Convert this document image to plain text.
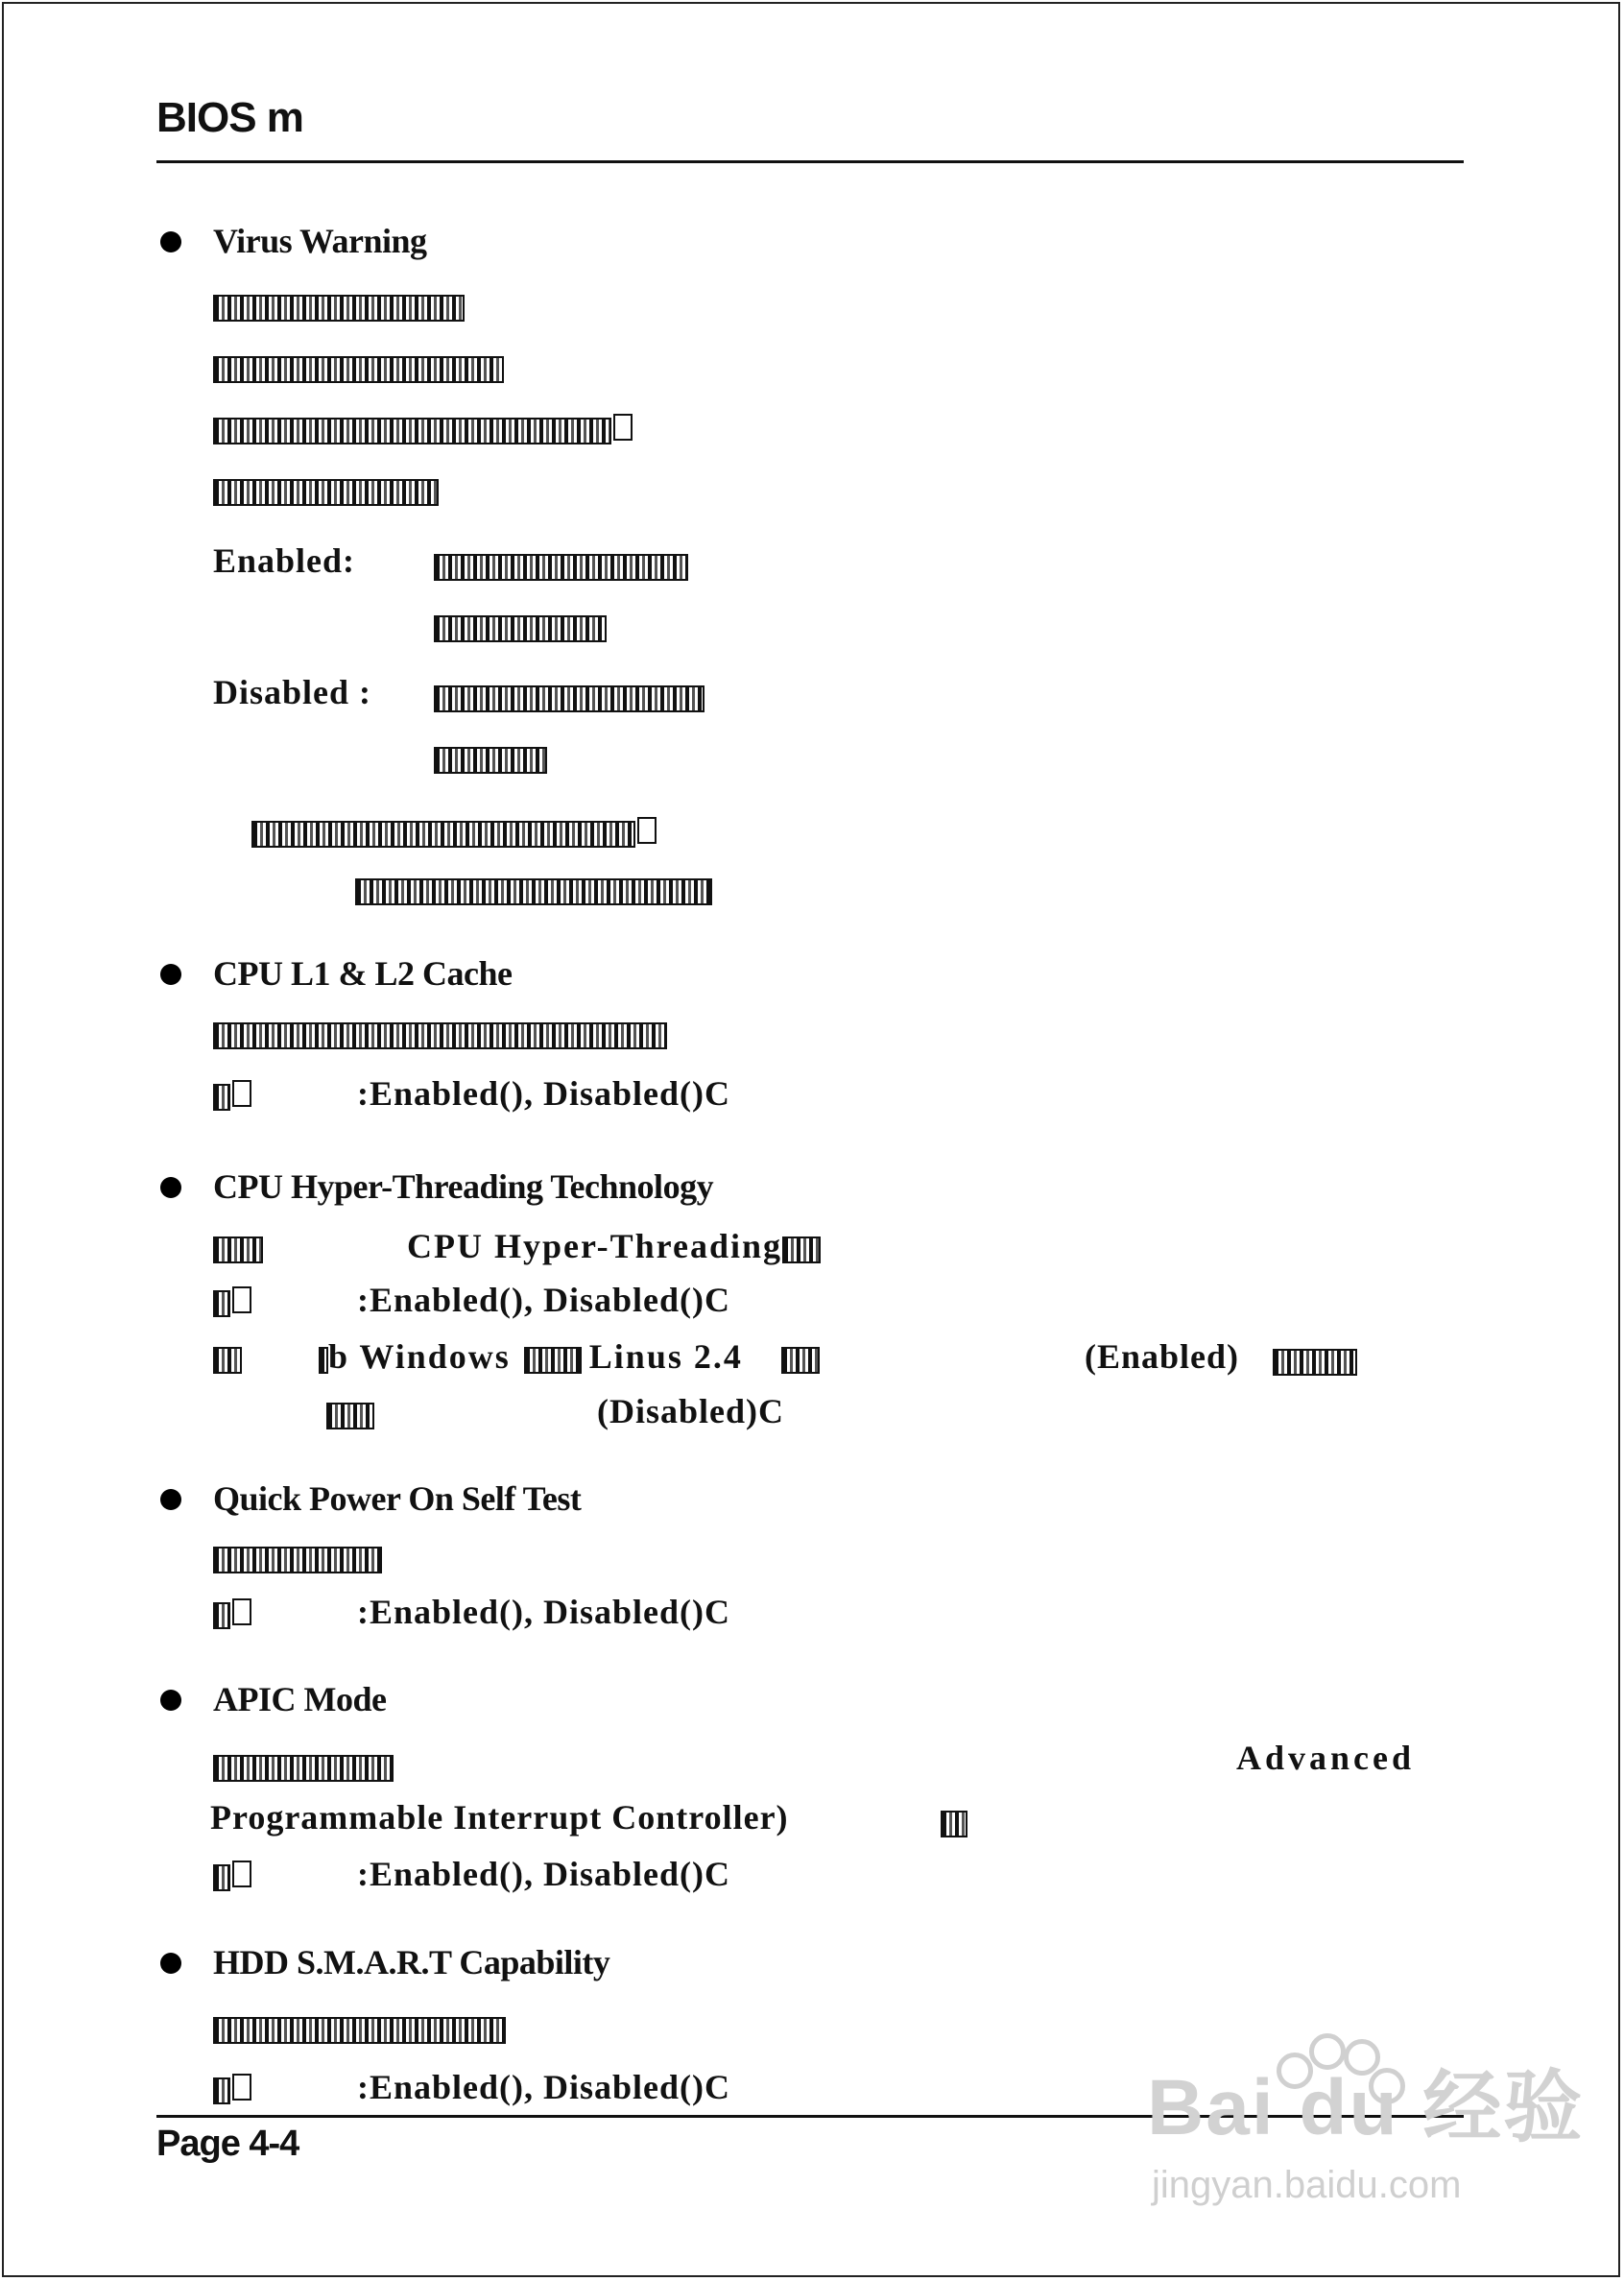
BIOS m
Virus Warning
Enabled:
Disabled :
CPU L1 & L2 Cache
:Enabled(), Disabled()C
CPU Hyper-Threading Technology
CPU Hyper-Threading
:Enabled(), Disabled()C
b Windows Linus 2.4	(Enabled)
(Disabled)C
Quick Power On Self Test
:Enabled(), Disabled()C
APIC Mode
Advanced
Programmable Interrupt Controller)
:Enabled(), Disabled()C
HDD S.M.A.R.T Capability
:Enabled(), Disabled()C
Page 4-4	Bai du 经验
jingyan.baidu.com
